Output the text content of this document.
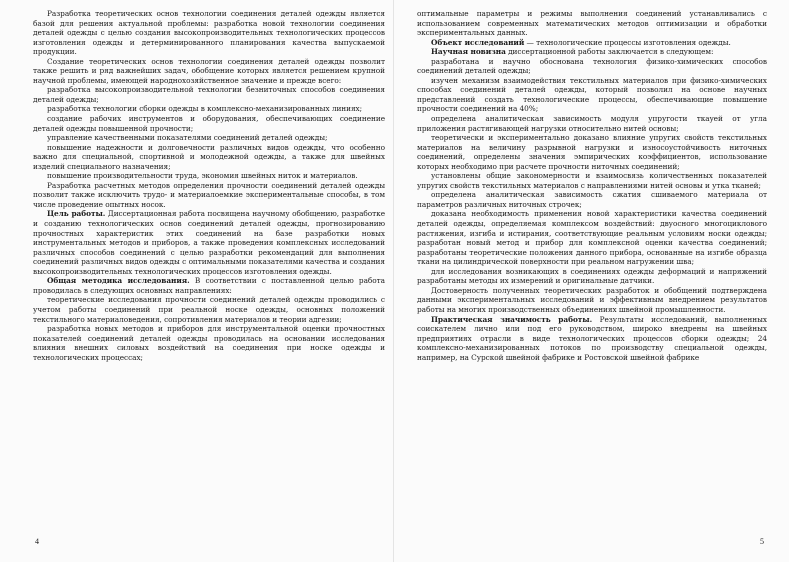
Разработка теоретических основ технологии соединения деталей одежды является базой для решения актуальной проблемы: разработка новой технологии соединения деталей одежды с целью создания высокопроизводительных технологических процессов изготовления одежды и детерминированного планирования качества выпускаемой продукции.

Создание теоретических основ технологии соединения деталей одежды позволит также решить и ряд важнейших задач, обобщение которых является решением крупной научной проблемы, имеющей народнохозяйственное значение и прежде всего:

разработка высокопроизводительной технологии безниточных способов соединения деталей одежды;

разработка технологии сборки одежды в комплексно-механизированных линиях;

создание рабочих инструментов и оборудования, обеспечивающих соединение деталей одежды повышенной прочности;

управление качественными показателями соединений деталей одежды;

повышение надежности и долговечности различных видов одежды, что особенно важно для специальной, спортивной и молодежной одежды, а также для швейных изделий специального назначения;

повышение производительности труда, экономия швейных ниток и материалов.

Разработка расчетных методов определения прочности соединений деталей одежды позволит также исключить трудо- и материалоемкие экспериментальные способы, в том числе проведение опытных носок.

Цель работы. Диссертационная работа посвящена научному обобщению, разработке и созданию технологических основ соединений деталей одежды, прогнозированию прочностных характеристик этих соединений на базе разработки новых инструментальных методов и приборов, а также проведения комплексных исследований различных способов соединений с целью разработки рекомендаций для выполнения соединений различных видов одежды с оптимальными показателями качества и создания высокопроизводительных технологических процессов изготовления одежды.

Общая методика исследования. В соответствии с поставленной целью работа проводилась в следующих основных направлениях:

теоретические исследования прочности соединений деталей одежды проводились с учетом работы соединений при реальной носке одежды, основных положений текстильного материаловедения, сопротивления материалов и теории адгезии;

разработка новых методов и приборов для инструментальной оценки прочностных показателей соединений деталей одежды проводилась на основании исследования влияния внешних силовых воздействий на соединения при носке одежды и технологических процессах;

оптимальные параметры и режимы выполнения соединений устанавливались с использованием современных математических методов оптимизации и обработки экспериментальных данных.

Объект исследований — технологические процессы изготовления одежды.

Научная новизна диссертационной работы заключается в следующем:

разработана и научно обоснована технология физико-химических способов соединений деталей одежды;

изучен механизм взаимодействия текстильных материалов при физико-химических способах соединений деталей одежды, который позволил на основе научных представлений создать технологические процессы, обеспечивающие повышение прочности соединений на 40%;

определена аналитическая зависимость модуля упругости ткаyей от угла приложения растягивающей нагрузки относительно нитей основы;

теоретически и экспериментально доказано влияние упругих свойств текстильных материалов на величину разрывной нагрузки и износоустойчивость ниточных соединений, определены значения эмпирических коэффициентов, использование которых необходимо при расчете прочности ниточных соединений;

установлены общие закономерности и взаимосвязь количественных показателей упругих свойств текстильных материалов с направлениями нитей основы и утка тканей;

определена аналитическая зависимость сжатия сшиваемого материала от параметров различных ниточных строчек;

доказана необходимость применения новой характеристики качества соединений деталей одежды, определяемая комплексом воздействий: двуосного многоциклового растяжения, изгиба и истирания, соответствующие реальным условиям носки одежды; разработан новый метод и прибор для комплексной оценки качества соединений; разработаны теоретические положения данного прибора, основанные на изгибе образца ткани на цилиндрической поверхности при реальном нагружении шва;

для исследования возникающих в соединениях одежды деформаций и напряжений разработаны методы их измерений и оригинальные датчики.

Достоверность полученных теоретических разработок и обобщений подтверждена данными экспериментальных исследований и эффективным внедрением результатов работы на многих производственных объединениях швейной промышленности.

Практическая значимость работы. Результаты исследований, выполненных соискателем лично или под его руководством, широко внедрены на швейных предприятиях отрасли в виде технологических процессов сборки одежды; 24 комплексно-механизированных потоков по производству специальной одежды, например, на Сурской швейной фабрике и Ростовской швейной фабрике

4	5
